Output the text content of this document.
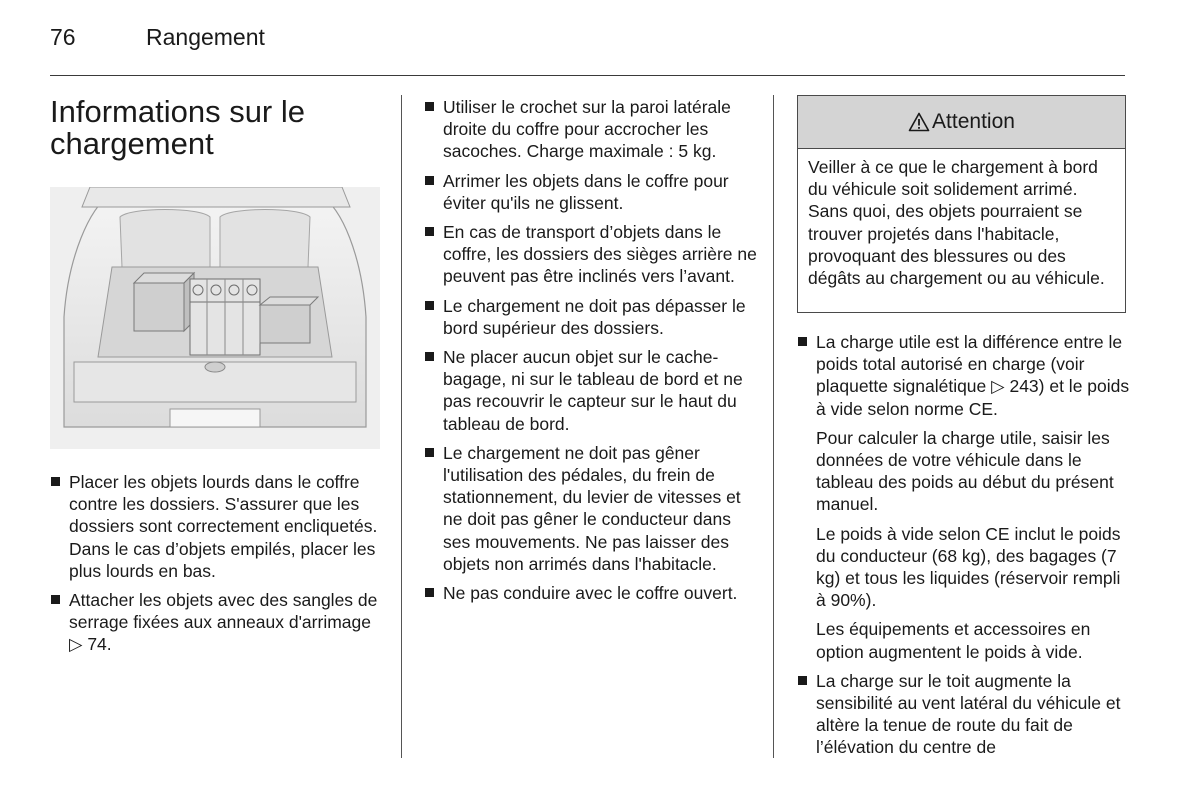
76	Rangement
Informations sur le chargement
Placer les objets lourds dans le coffre contre les dossiers. S'assurer que les dossiers sont correctement encliquetés. Dans le cas d’objets empilés, placer les plus lourds en bas.
Attacher les objets avec des sangles de serrage fixées aux anneaux d'arrimage ▷ 74.
Utiliser le crochet sur la paroi latérale droite du coffre pour accrocher les sacoches. Charge maximale : 5 kg.
Arrimer les objets dans le coffre pour éviter qu'ils ne glissent.
En cas de transport d’objets dans le coffre, les dossiers des sièges arrière ne peuvent pas être inclinés vers l’avant.
Le chargement ne doit pas dépasser le bord supérieur des dossiers.
Ne placer aucun objet sur le cache-bagage, ni sur le tableau de bord et ne pas recouvrir le capteur sur le haut du tableau de bord.
Le chargement ne doit pas gêner l'utilisation des pédales, du frein de stationnement, du levier de vitesses et ne doit pas gêner le conducteur dans ses mouvements. Ne pas laisser des objets non arrimés dans l'habitacle.
Ne pas conduire avec le coffre ouvert.
Attention
Veiller à ce que le chargement à bord du véhicule soit solidement arrimé. Sans quoi, des objets pourraient se trouver projetés dans l'habitacle, provoquant des blessures ou des dégâts au chargement ou au véhicule.
La charge utile est la différence entre le poids total autorisé en charge (voir plaquette signalétique ▷ 243) et le poids à vide selon norme CE.
Pour calculer la charge utile, saisir les données de votre véhicule dans le tableau des poids au début du présent manuel.
Le poids à vide selon CE inclut le poids du conducteur (68 kg), des bagages (7 kg) et tous les liquides (réservoir rempli à 90%).
Les équipements et accessoires en option augmentent le poids à vide.
La charge sur le toit augmente la sensibilité au vent latéral du véhicule et altère la tenue de route du fait de l’élévation du centre de
